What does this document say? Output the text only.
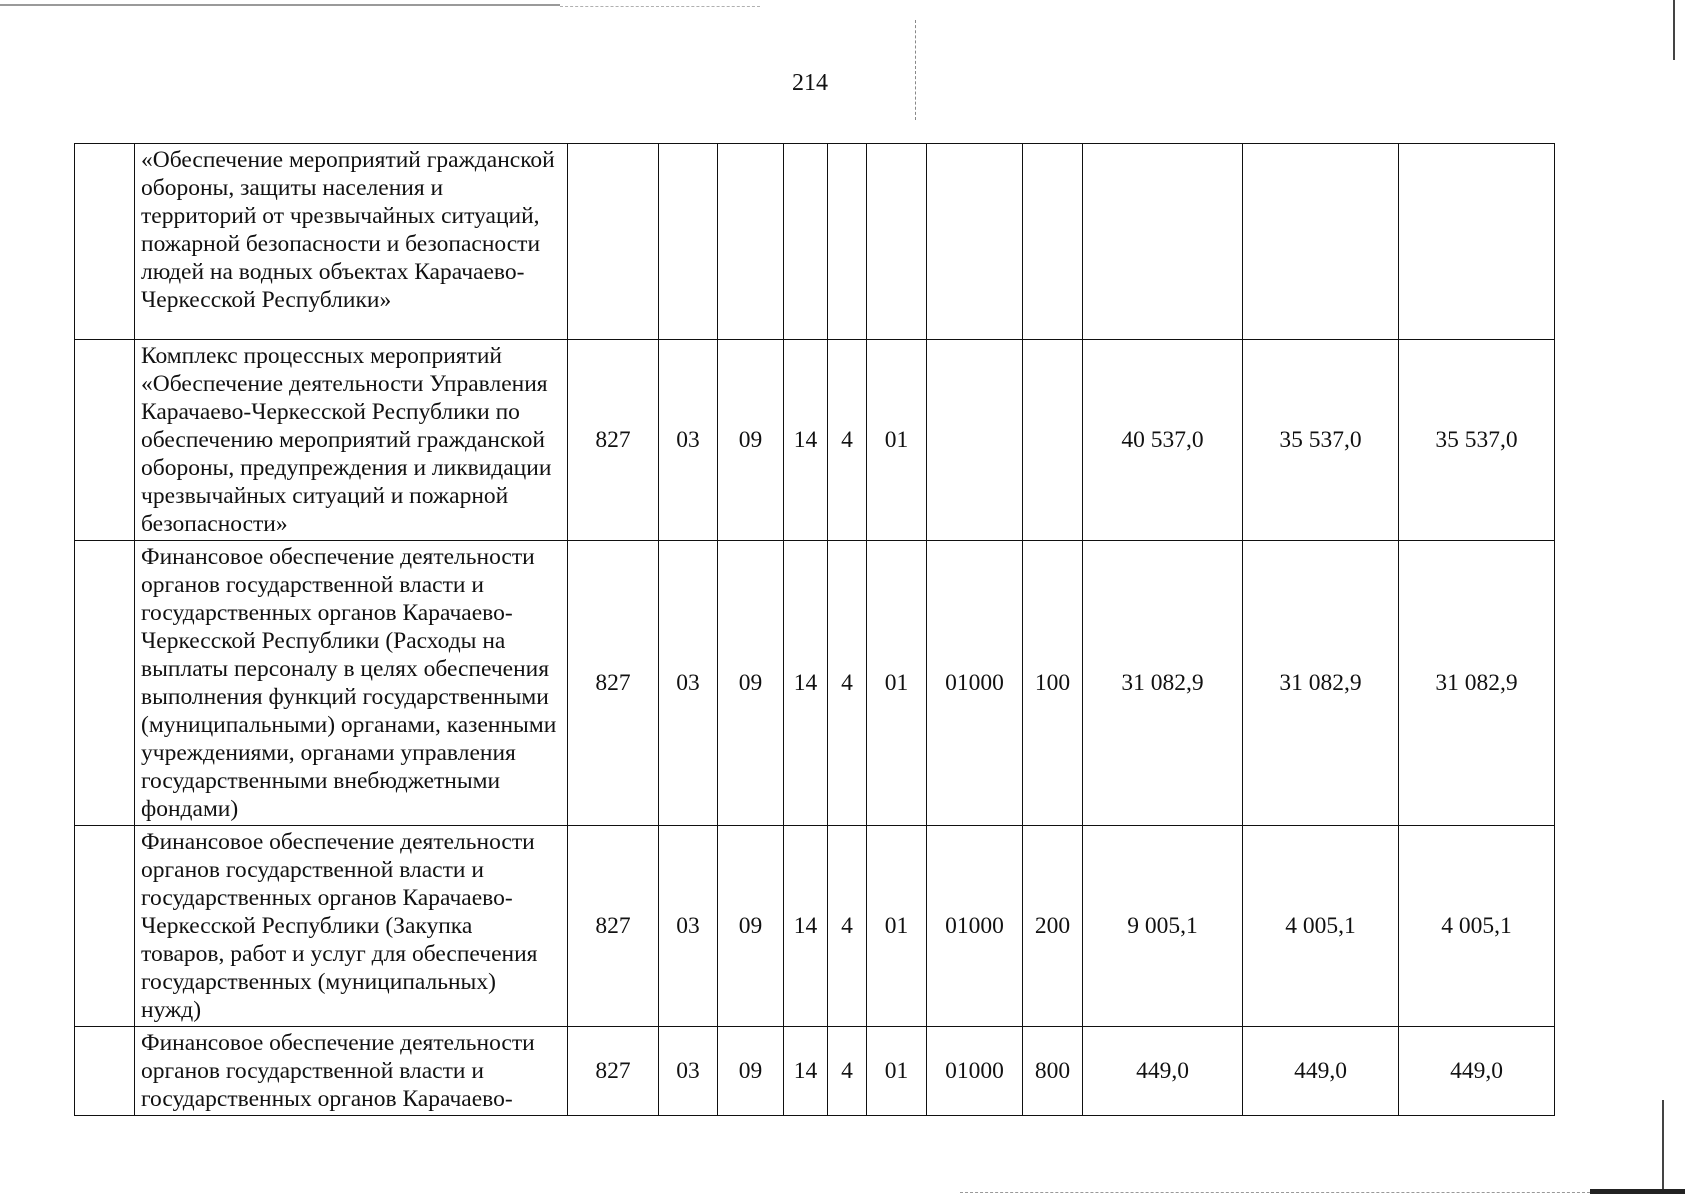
214
	«Обеспечение мероприятий гражданской обороны, защиты населения и территорий от чрезвычайных ситуаций, пожарной безопасности и безопасности людей на водных объектах Карачаево-Черкесской Республики»											
	Комплекс процессных мероприятий «Обеспечение деятельности Управления Карачаево-Черкесской Республики по обеспечению мероприятий гражданской обороны, предупреждения и ликвидации чрезвычайных ситуаций и пожарной безопасности»	827	03	09	14	4	01			40 537,0	35 537,0	35 537,0
	Финансовое обеспечение деятельности органов государственной власти и государственных органов Карачаево-Черкесской Республики (Расходы на выплаты персоналу в целях обеспечения выполнения функций государственными (муниципальными) органами, казенными учреждениями, органами управления государственными внебюджетными фондами)	827	03	09	14	4	01	01000	100	31 082,9	31 082,9	31 082,9
	Финансовое обеспечение деятельности органов государственной власти и государственных органов Карачаево-Черкесской Республики (Закупка товаров, работ и услуг для обеспечения государственных (муниципальных) нужд)	827	03	09	14	4	01	01000	200	9 005,1	4 005,1	4 005,1
	Финансовое обеспечение деятельности органов государственной власти и государственных органов Карачаево-	827	03	09	14	4	01	01000	800	449,0	449,0	449,0
